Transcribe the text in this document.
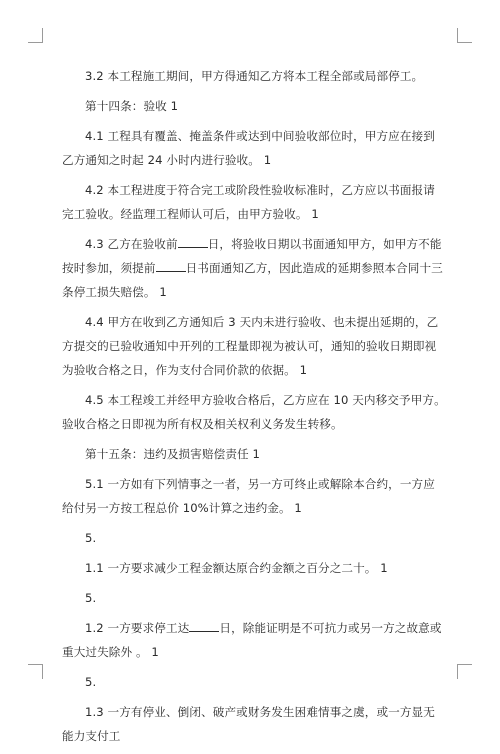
3.2 本工程施工期间，甲方得通知乙方将本工程全部或局部停工。

第十四条：验收 1

4.1 工程具有覆盖、掩盖条件或达到中间验收部位时，甲方应在接到乙方通知之时起 24 小时内进行验收。 1

4.2 本工程进度于符合完工或阶段性验收标准时，乙方应以书面报请完工验收。经监理工程师认可后，由甲方验收。 1

4.3 乙方在验收前	日，将验收日期以书面通知甲方，如甲方不能按时参加，须提前	日书面通知乙方，因此造成的延期参照本合同十三条停工损失赔偿。 1

4.4 甲方在收到乙方通知后 3 天内未进行验收、也未提出延期的，乙方提交的已验收通知中开列的工程量即视为被认可，通知的验收日期即视为验收合格之日，作为支付合同价款的依据。 1

4.5 本工程竣工并经甲方验收合格后，乙方应在 10 天内移交予甲方。验收合格之日即视为所有权及相关权利义务发生转移。

第十五条：违约及损害赔偿责任 1

5.1 一方如有下列情事之一者，另一方可终止或解除本合约，一方应给付另一方按工程总价 10%计算之违约金。 1

5.

1.1 一方要求减少工程金额达原合约金额之百分之二十。 1

5.

1.2 一方要求停工达	日，除能证明是不可抗力或另一方之故意或重大过失除外 。 1

5.

1.3 一方有停业、倒闭、破产或财务发生困难情事之虞，或一方显无能力支付工
